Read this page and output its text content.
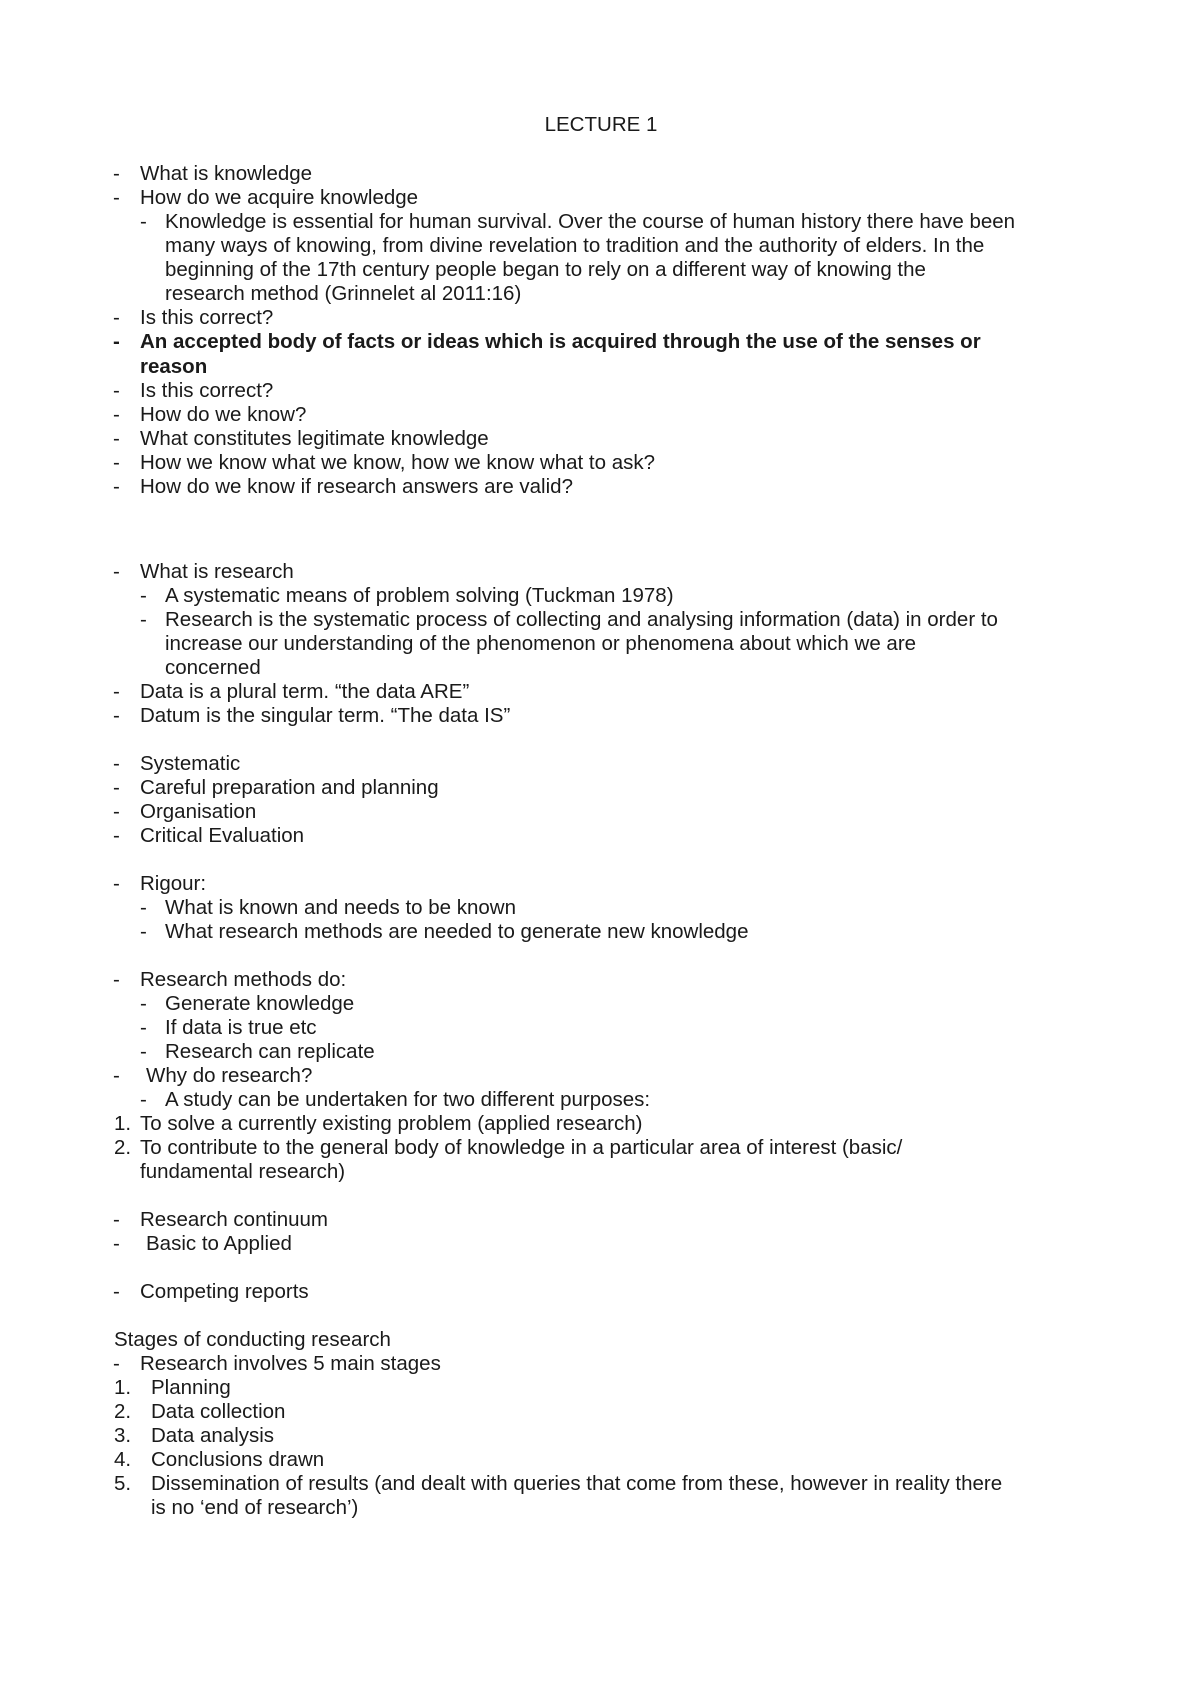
LECTURE 1
- What is knowledge
- How do we acquire knowledge
- Knowledge is essential for human survival. Over the course of human history there have been
many ways of knowing, from divine revelation to tradition and the authority of elders. In the
beginning of the 17th century people began to rely on a different way of knowing the
research method (Grinnelet al 2011:16)
- Is this correct?
- An accepted body of facts or ideas which is acquired through the use of the senses or
reason
- Is this correct?
- How do we know?
- What constitutes legitimate knowledge
- How we know what we know, how we know what to ask?
- How do we know if research answers are valid?
- What is research
- A systematic means of problem solving (Tuckman 1978)
- Research is the systematic process of collecting and analysing information (data) in order to
increase our understanding of the phenomenon or phenomena about which we are
concerned
- Data is a plural term. “the data ARE”
- Datum is the singular term. “The data IS”
- Systematic
- Careful preparation and planning
- Organisation
- Critical Evaluation
- Rigour:
- What is known and needs to be known
- What research methods are needed to generate new knowledge
- Research methods do:
- Generate knowledge
- If data is true etc
- Research can replicate
- Why do research?
- A study can be undertaken for two different purposes:
1. To solve a currently existing problem (applied research)
2. To contribute to the general body of knowledge in a particular area of interest (basic/
fundamental research)
- Research continuum
- Basic to Applied
- Competing reports
Stages of conducting research
- Research involves 5 main stages
1. Planning
2. Data collection
3. Data analysis
4. Conclusions drawn
5. Dissemination of results (and dealt with queries that come from these, however in reality there
is no ‘end of research’)
